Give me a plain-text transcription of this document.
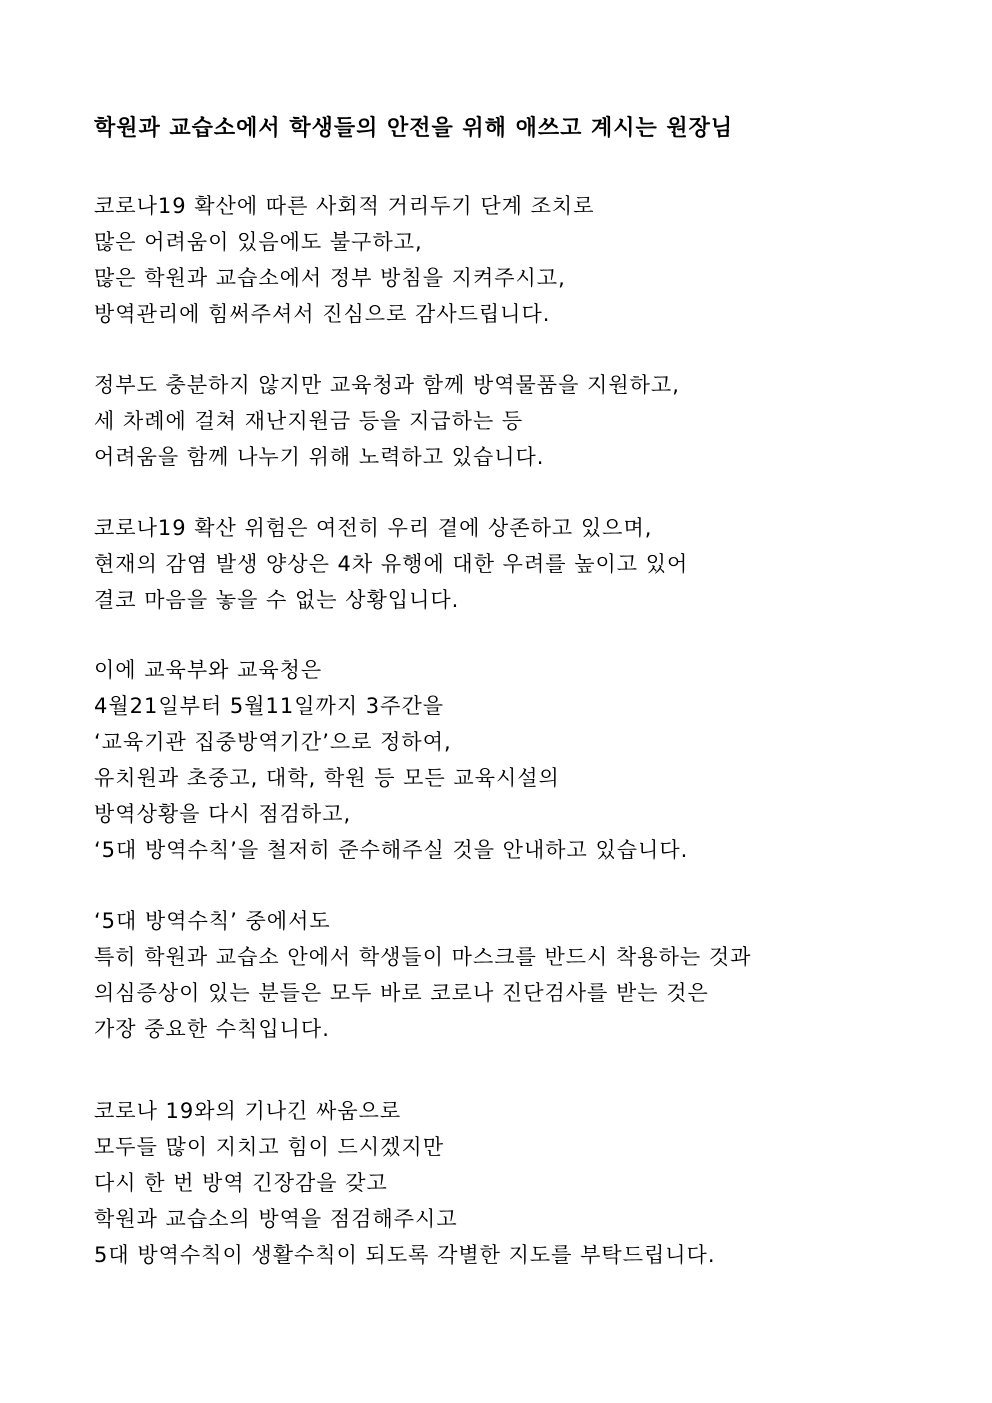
학원과 교습소에서 학생들의 안전을 위해 애쓰고 계시는 원장님
코로나19 확산에 따른 사회적 거리두기 단계 조치로
많은 어려움이 있음에도 불구하고,
많은 학원과 교습소에서 정부 방침을 지켜주시고,
방역관리에 힘써주셔서 진심으로 감사드립니다.
정부도 충분하지 않지만 교육청과 함께 방역물품을 지원하고,
세 차례에 걸쳐 재난지원금 등을 지급하는 등
어려움을 함께 나누기 위해 노력하고 있습니다.
코로나19 확산 위험은 여전히 우리 곁에 상존하고 있으며,
현재의 감염 발생 양상은 4차 유행에 대한 우려를 높이고 있어
결코 마음을 놓을 수 없는 상황입니다.
이에 교육부와 교육청은
4월21일부터 5월11일까지 3주간을
‘교육기관 집중방역기간’으로 정하여,
유치원과 초중고, 대학, 학원 등 모든 교육시설의
방역상황을 다시 점검하고,
‘5대 방역수칙’을 철저히 준수해주실 것을 안내하고 있습니다.
‘5대 방역수칙’ 중에서도
특히 학원과 교습소 안에서 학생들이 마스크를 반드시 착용하는 것과
의심증상이 있는 분들은 모두 바로 코로나 진단검사를 받는 것은
가장 중요한 수칙입니다.
코로나 19와의 기나긴 싸움으로
모두들 많이 지치고 힘이 드시겠지만
다시 한 번 방역 긴장감을 갖고
학원과 교습소의 방역을 점검해주시고
5대 방역수칙이 생활수칙이 되도록 각별한 지도를 부탁드립니다.
